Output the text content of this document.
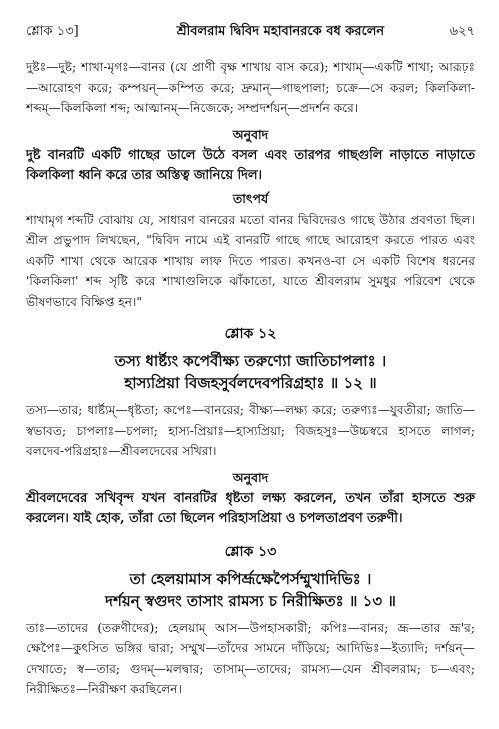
শ্লোক ১৩]	শ্রীবলরাম দ্বিবিদ মহাবানরকে বধ করলেন	৬২৭

দুষ্টঃ—দুষ্ট; শাখা-মৃগঃ—বানর (যে প্রাণী বৃক্ষ শাখায় বাস করে); শাখাম্—একটি শাখা; আরূঢ়ঃ—আরোহণ করে; কম্পয়ন্—কম্পিত করে; দ্রুমান্—গাছপালা; চক্রে—সে করল; কিলকিলা-শব্দম্—কিলকিলা শব্দ; আত্মানম্—নিজেকে; সম্প্রদর্শয়ন্—প্রদর্শন করে।

অনুবাদ

দুষ্ট বানরটি একটি গাছের ডালে উঠে বসল এবং তারপর গাছগুলি নাড়াতে নাড়াতে কিলকিলা ধ্বনি করে তার অস্তিত্ব জানিয়ে দিল।

তাৎপর্য

শাখামৃগ শব্দটি বোঝায় যে, সাধারণ বানরের মতো বানর দ্বিবিদেরও গাছে উঠার প্রবণতা ছিল। শ্রীল প্রভুপাদ লিখছেন, "দ্বিবিদ নামে এই বানরটি গাছে গাছে আরোহণ করতে পারত এবং একটি শাখা থেকে আরেক শাখায় লাফ দিতে পারত। কখনও-বা সে একটি বিশেষ ধরনের 'কিলকিলা' শব্দ সৃষ্টি করে শাখাগুলিকে ঝাঁকাতো, যাতে শ্রীবলরাম সুমধুর পরিবেশ থেকে ভীষণভাবে বিক্ষিপ্ত হন।"

শ্লোক ১২
তস্য ধার্ষ্ট্যং কপের্বীক্ষ্য তরুণ্যো জাতিচাপলাঃ ।
হাস্যপ্রিয়া বিজহসুর্বলদেবপরিগ্রহাঃ ॥ ১২ ॥

তস্য—তার; ধার্ষ্ট্যম্—ধৃষ্টতা; কপেঃ—বানরের; বীক্ষ্য—লক্ষ্য করে; তরুণ্যঃ—যুবতীরা; জাতি—স্বভাবত; চাপলাঃ—চপলা; হাস্য-প্রিয়াঃ—হাস্যপ্রিয়া; বিজহসুঃ—উচ্চস্বরে হাসতে লাগল; বলদেব-পরিগ্রহাঃ—শ্রীবলদেবের সখিরা।

অনুবাদ

শ্রীবলদেবের সখিবৃন্দ যখন বানরটির ধৃষ্টতা লক্ষ্য করলেন, তখন তাঁরা হাসতে শুরু করলেন। যাই হোক, তাঁরা তো ছিলেন পরিহাসপ্রিয়া ও চপলতাপ্রবণ তরুণী।

শ্লোক ১৩
তা হেলয়ামাস কপির্ভ্রূক্ষেপৈর্সম্মুখাদিভিঃ ।
দর্শয়ন্ স্বগুদং তাসাং রামস্য চ নিরীক্ষিতঃ ॥ ১৩ ॥

তাঃ—তাদের (তরুণীদের); হেলয়াম্ আস—উপহাসকারী; কপিঃ—বানর; ভ্রূ—তার ভ্রূ'র; ক্ষেপৈঃ—কুৎসিত ভঙ্গির দ্বারা; সম্মুখ—তাঁদের সামনে দাঁড়িয়ে; আদিভিঃ—ইত্যাদি; দর্শয়ন্—দেখাতে; স্ব—তার; গুদম্—মলদ্বার; তাসাম্—তাদের; রামস্য—যেন শ্রীবলরাম; চ—এবং; নিরীক্ষিতঃ—নিরীক্ষণ করছিলেন।
